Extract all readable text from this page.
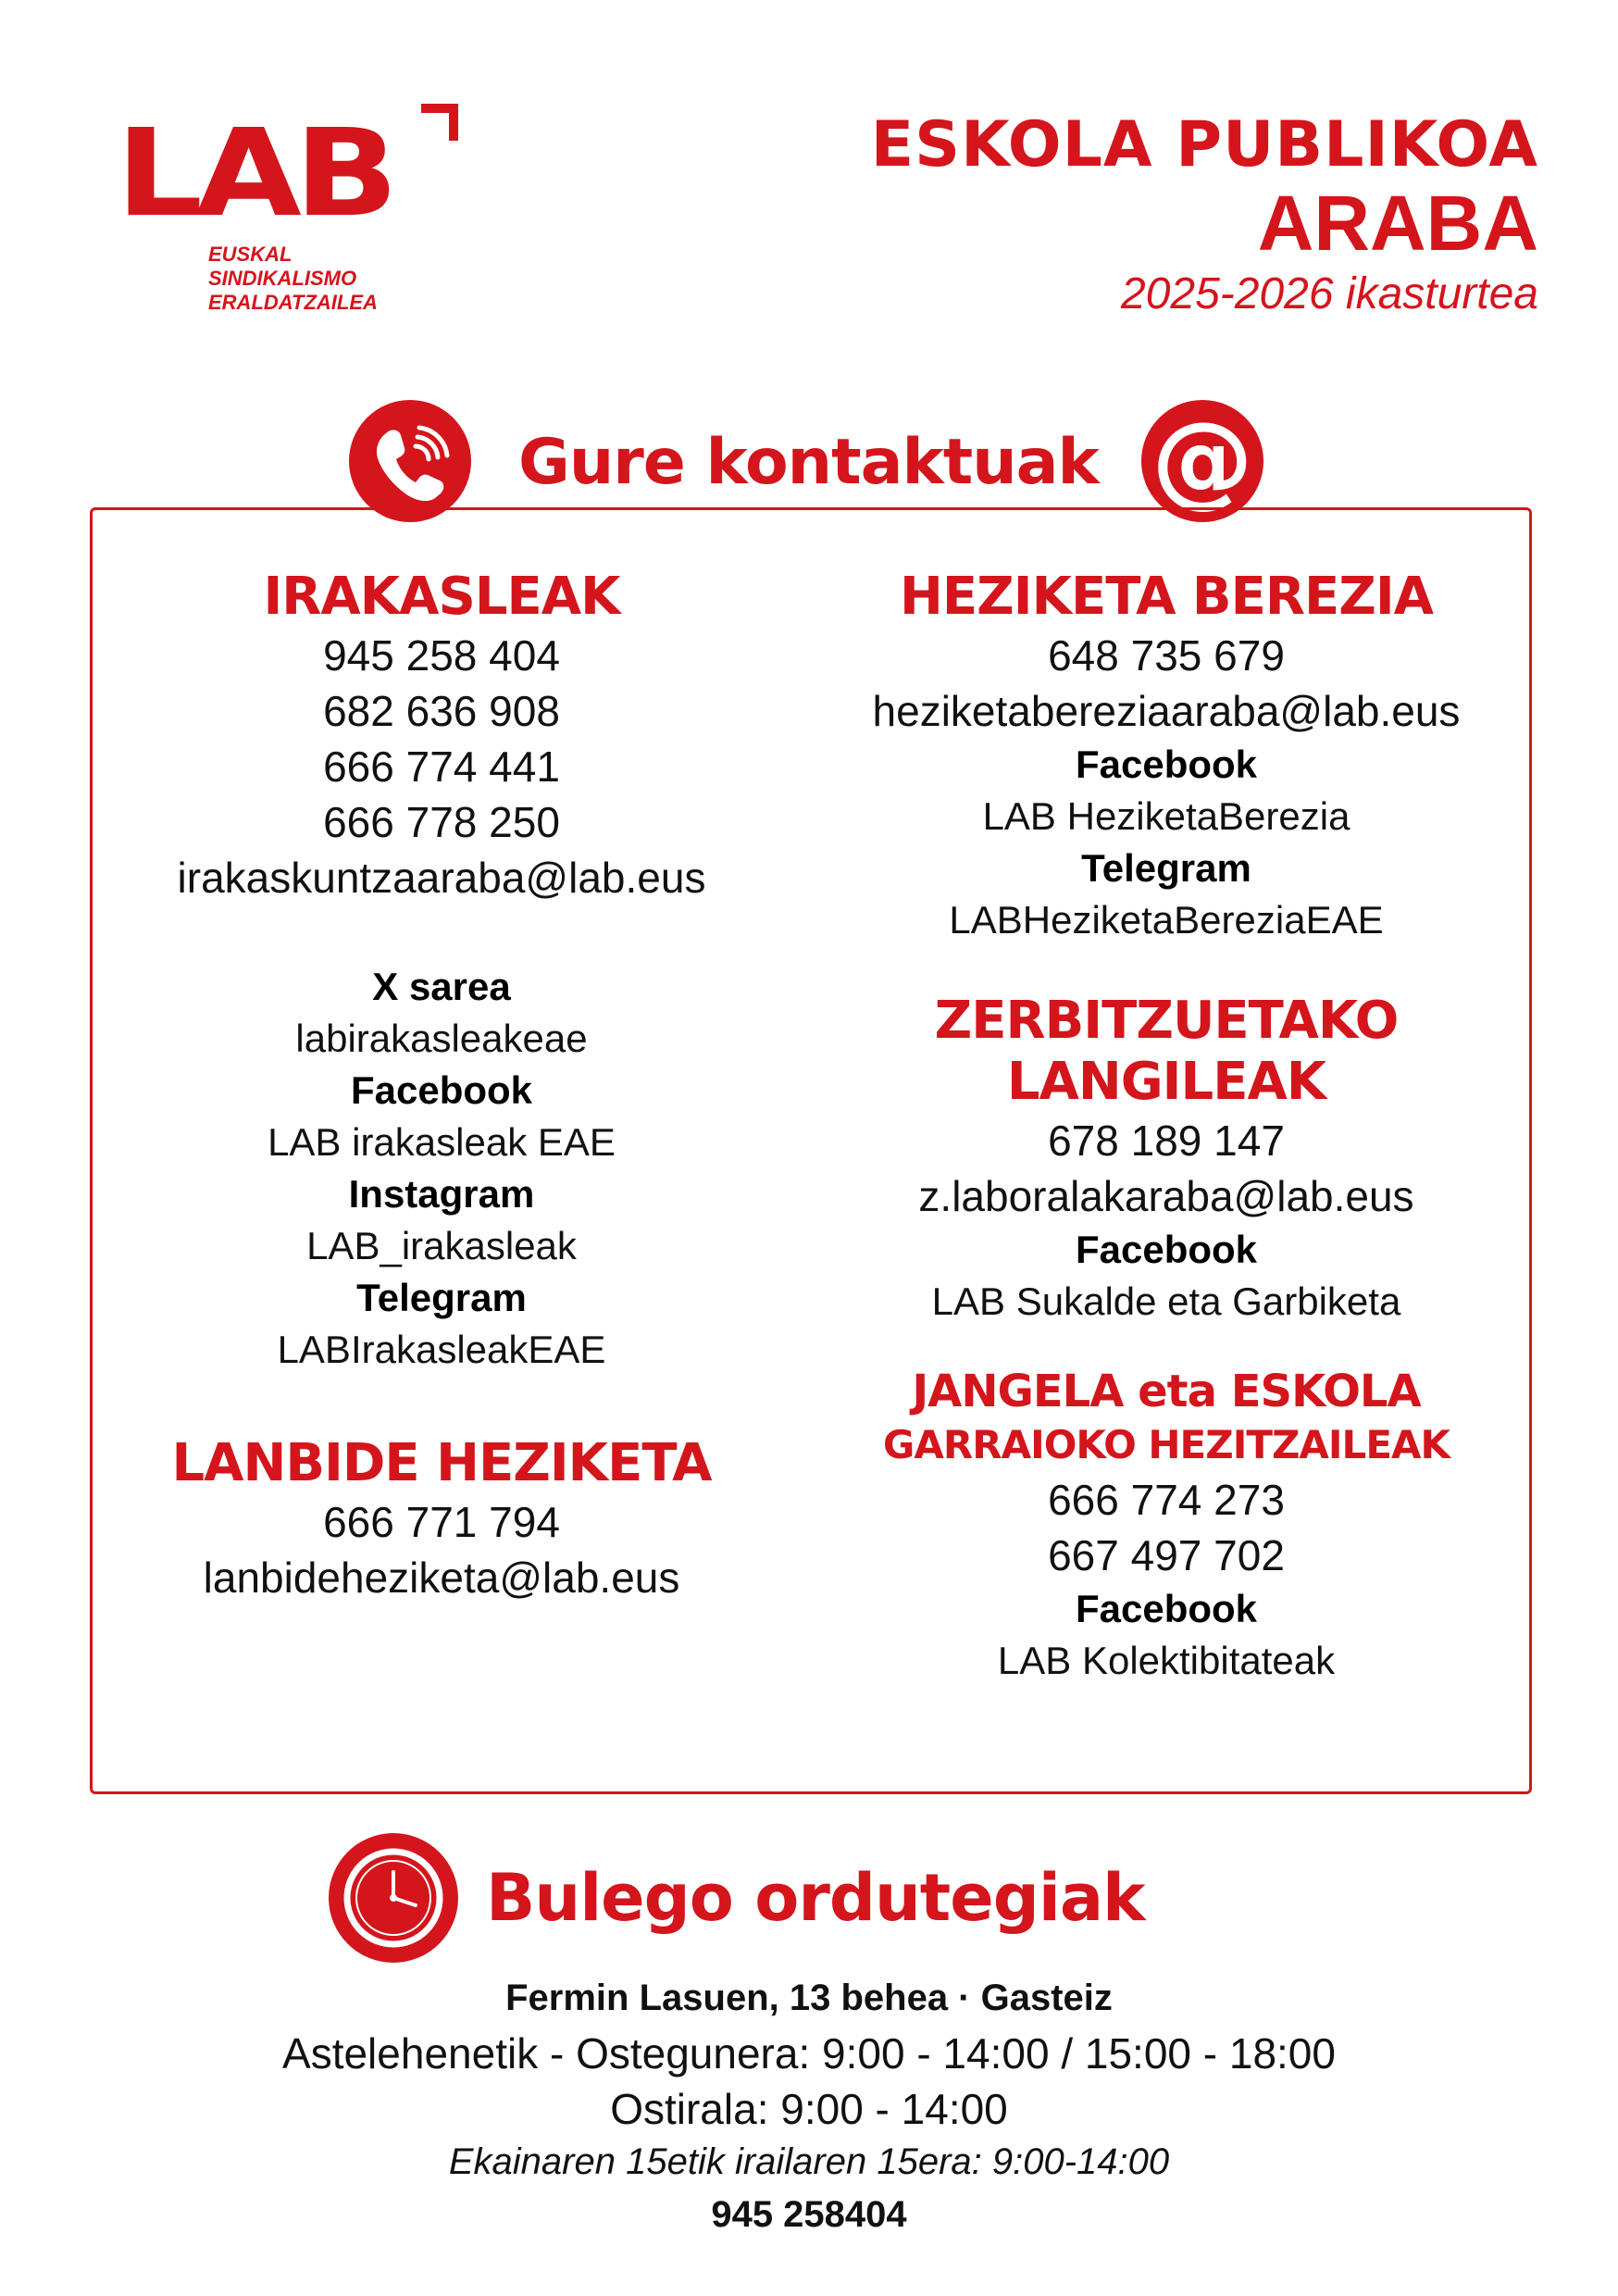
LAB
EUSKAL
SINDIKALISMO
ERALDATZAILEA
ESKOLA PUBLIKOA
ARABA
2025-2026 ikasturtea
Gure kontaktuak @
IRAKASLEAK
945 258 404
682 636 908
666 774 441
666 778 250
irakaskuntzaaraba@lab.eus
X sarea
labirakasleakeae
Facebook
LAB irakasleak EAE
Instagram
LAB_irakasleak
Telegram
LABIrakasleakEAE
LANBIDE HEZIKETA
666 771 794
lanbideheziketa@lab.eus
HEZIKETA BEREZIA
648 735 679
heziketabereziaaraba@lab.eus
Facebook
LAB HeziketaBerezia
Telegram
LABHeziketaBereziaEAE
ZERBITZUETAKO
LANGILEAK
678 189 147
z.laboralakaraba@lab.eus
Facebook
LAB Sukalde eta Garbiketa
JANGELA eta ESKOLA
GARRAIOKO HEZITZAILEAK
666 774 273
667 497 702
Facebook
LAB Kolektibitateak
Bulego ordutegiak
Fermin Lasuen, 13 behea · Gasteiz
Astelehenetik - Ostegunera: 9:00 - 14:00 / 15:00 - 18:00
Ostirala: 9:00 - 14:00
Ekainaren 15etik irailaren 15era: 9:00-14:00
945 258404
